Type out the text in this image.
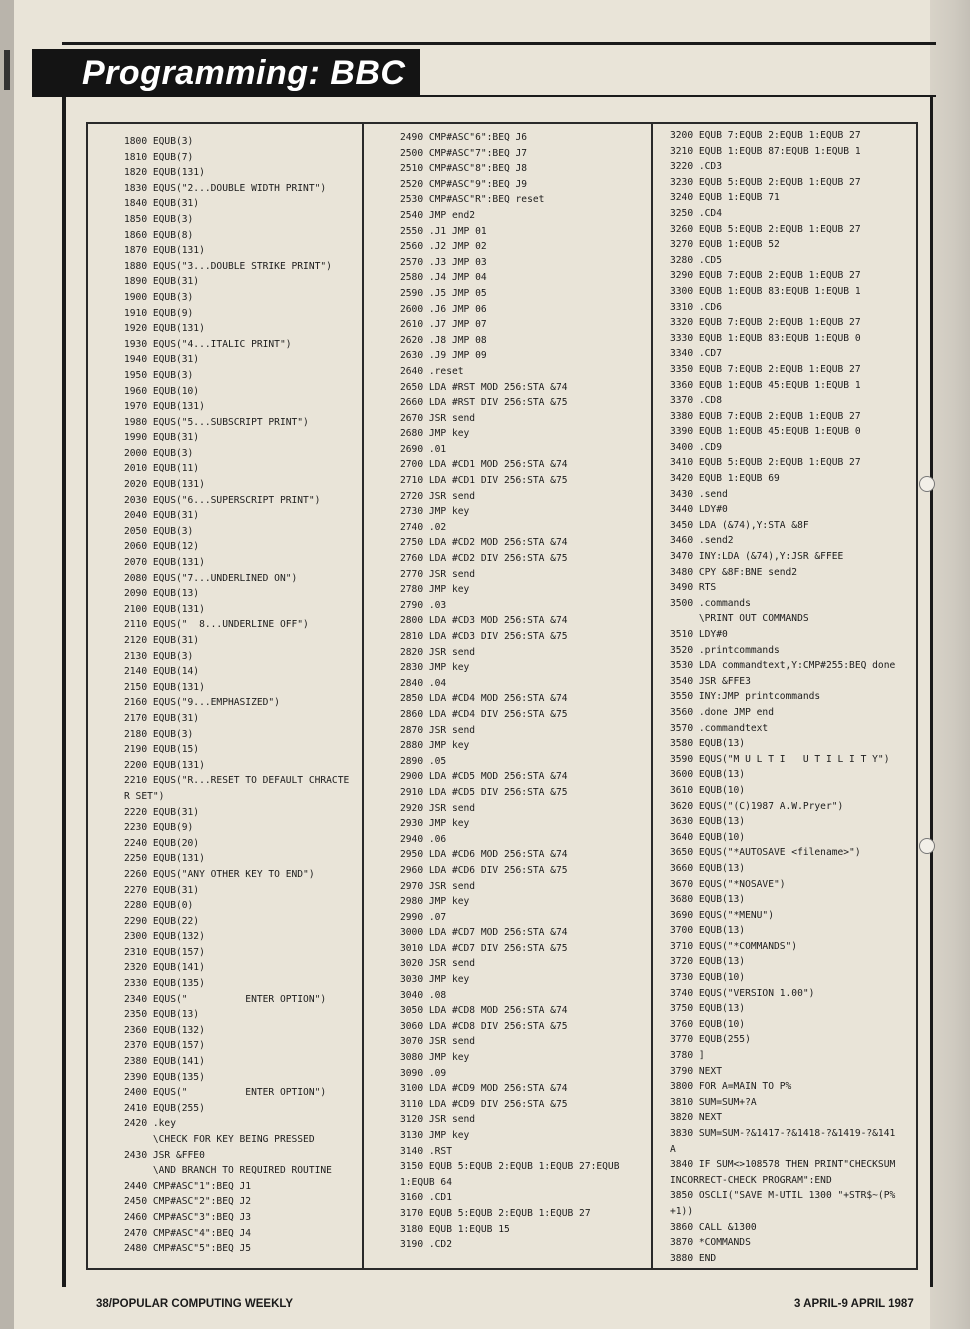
Programming: BBC
1800 EQUB(3)
1810 EQUB(7)
1820 EQUB(131)
1830 EQUS("2...DOUBLE WIDTH PRINT")
1840 EQUB(31)
1850 EQUB(3)
1860 EQUB(8)
1870 EQUB(131)
1880 EQUS("3...DOUBLE STRIKE PRINT")
1890 EQUB(31)
1900 EQUB(3)
1910 EQUB(9)
1920 EQUB(131)
1930 EQUS("4...ITALIC PRINT")
1940 EQUB(31)
1950 EQUB(3)
1960 EQUB(10)
1970 EQUB(131)
1980 EQUS("5...SUBSCRIPT PRINT")
1990 EQUB(31)
2000 EQUB(3)
2010 EQUB(11)
2020 EQUB(131)
2030 EQUS("6...SUPERSCRIPT PRINT")
2040 EQUB(31)
2050 EQUB(3)
2060 EQUB(12)
2070 EQUB(131)
2080 EQUS("7...UNDERLINED ON")
2090 EQUB(13)
2100 EQUB(131)
2110 EQUS("  8...UNDERLINE OFF")
2120 EQUB(31)
2130 EQUB(3)
2140 EQUB(14)
2150 EQUB(131)
2160 EQUS("9...EMPHASIZED")
2170 EQUB(31)
2180 EQUB(3)
2190 EQUB(15)
2200 EQUB(131)
2210 EQUS("R...RESET TO DEFAULT CHRACTE
R SET")
2220 EQUB(31)
2230 EQUB(9)
2240 EQUB(20)
2250 EQUB(131)
2260 EQUS("ANY OTHER KEY TO END")
2270 EQUB(31)
2280 EQUB(0)
2290 EQUB(22)
2300 EQUB(132)
2310 EQUB(157)
2320 EQUB(141)
2330 EQUB(135)
2340 EQUS("          ENTER OPTION")
2350 EQUB(13)
2360 EQUB(132)
2370 EQUB(157)
2380 EQUB(141)
2390 EQUB(135)
2400 EQUS("          ENTER OPTION")
2410 EQUB(255)
2420 .key
\CHECK FOR KEY BEING PRESSED
2430 JSR &FFE0
\AND BRANCH TO REQUIRED ROUTINE
2440 CMP#ASC"1":BEQ J1
2450 CMP#ASC"2":BEQ J2
2460 CMP#ASC"3":BEQ J3
2470 CMP#ASC"4":BEQ J4
2480 CMP#ASC"5":BEQ J5
2490 CMP#ASC"6":BEQ J6
2500 CMP#ASC"7":BEQ J7
2510 CMP#ASC"8":BEQ J8
2520 CMP#ASC"9":BEQ J9
2530 CMP#ASC"R":BEQ reset
2540 JMP end2
2550 .J1 JMP 01
2560 .J2 JMP 02
2570 .J3 JMP 03
2580 .J4 JMP 04
2590 .J5 JMP 05
2600 .J6 JMP 06
2610 .J7 JMP 07
2620 .J8 JMP 08
2630 .J9 JMP 09
2640 .reset
2650 LDA #RST MOD 256:STA &74
2660 LDA #RST DIV 256:STA &75
2670 JSR send
2680 JMP key
2690 .01
2700 LDA #CD1 MOD 256:STA &74
2710 LDA #CD1 DIV 256:STA &75
2720 JSR send
2730 JMP key
2740 .02
2750 LDA #CD2 MOD 256:STA &74
2760 LDA #CD2 DIV 256:STA &75
2770 JSR send
2780 JMP key
2790 .03
2800 LDA #CD3 MOD 256:STA &74
2810 LDA #CD3 DIV 256:STA &75
2820 JSR send
2830 JMP key
2840 .04
2850 LDA #CD4 MOD 256:STA &74
2860 LDA #CD4 DIV 256:STA &75
2870 JSR send
2880 JMP key
2890 .05
2900 LDA #CD5 MOD 256:STA &74
2910 LDA #CD5 DIV 256:STA &75
2920 JSR send
2930 JMP key
2940 .06
2950 LDA #CD6 MOD 256:STA &74
2960 LDA #CD6 DIV 256:STA &75
2970 JSR send
2980 JMP key
2990 .07
3000 LDA #CD7 MOD 256:STA &74
3010 LDA #CD7 DIV 256:STA &75
3020 JSR send
3030 JMP key
3040 .08
3050 LDA #CD8 MOD 256:STA &74
3060 LDA #CD8 DIV 256:STA &75
3070 JSR send
3080 JMP key
3090 .09
3100 LDA #CD9 MOD 256:STA &74
3110 LDA #CD9 DIV 256:STA &75
3120 JSR send
3130 JMP key
3140 .RST
3150 EQUB 5:EQUB 2:EQUB 1:EQUB 27:EQUB
1:EQUB 64
3160 .CD1
3170 EQUB 5:EQUB 2:EQUB 1:EQUB 27
3180 EQUB 1:EQUB 15
3190 .CD2
3200 EQUB 7:EQUB 2:EQUB 1:EQUB 27
3210 EQUB 1:EQUB 87:EQUB 1:EQUB 1
3220 .CD3
3230 EQUB 5:EQUB 2:EQUB 1:EQUB 27
3240 EQUB 1:EQUB 71
3250 .CD4
3260 EQUB 5:EQUB 2:EQUB 1:EQUB 27
3270 EQUB 1:EQUB 52
3280 .CD5
3290 EQUB 7:EQUB 2:EQUB 1:EQUB 27
3300 EQUB 1:EQUB 83:EQUB 1:EQUB 1
3310 .CD6
3320 EQUB 7:EQUB 2:EQUB 1:EQUB 27
3330 EQUB 1:EQUB 83:EQUB 1:EQUB 0
3340 .CD7
3350 EQUB 7:EQUB 2:EQUB 1:EQUB 27
3360 EQUB 1:EQUB 45:EQUB 1:EQUB 1
3370 .CD8
3380 EQUB 7:EQUB 2:EQUB 1:EQUB 27
3390 EQUB 1:EQUB 45:EQUB 1:EQUB 0
3400 .CD9
3410 EQUB 5:EQUB 2:EQUB 1:EQUB 27
3420 EQUB 1:EQUB 69
3430 .send
3440 LDY#0
3450 LDA (&74),Y:STA &8F
3460 .send2
3470 INY:LDA (&74),Y:JSR &FFEE
3480 CPY &8F:BNE send2
3490 RTS
3500 .commands
\PRINT OUT COMMANDS
3510 LDY#0
3520 .printcommands
3530 LDA commandtext,Y:CMP#255:BEQ done
3540 JSR &FFE3
3550 INY:JMP printcommands
3560 .done JMP end
3570 .commandtext
3580 EQUB(13)
3590 EQUS("M U L T I   U T I L I T Y")
3600 EQUB(13)
3610 EQUB(10)
3620 EQUS("(C)1987 A.W.Pryer")
3630 EQUB(13)
3640 EQUB(10)
3650 EQUS("*AUTOSAVE <filename>")
3660 EQUB(13)
3670 EQUS("*NOSAVE")
3680 EQUB(13)
3690 EQUS("*MENU")
3700 EQUB(13)
3710 EQUS("*COMMANDS")
3720 EQUB(13)
3730 EQUB(10)
3740 EQUS("VERSION 1.00")
3750 EQUB(13)
3760 EQUB(10)
3770 EQUB(255)
3780 ]
3790 NEXT
3800 FOR A=MAIN TO P%
3810 SUM=SUM+?A
3820 NEXT
3830 SUM=SUM-?&1417-?&1418-?&1419-?&141
A
3840 IF SUM<>108578 THEN PRINT"CHECKSUM
INCORRECT-CHECK PROGRAM":END
3850 OSCLI("SAVE M-UTIL 1300 "+STR$~(P%
+1))
3860 CALL &1300
3870 *COMMANDS
3880 END
38/POPULAR COMPUTING WEEKLY	3 APRIL-9 APRIL 1987
